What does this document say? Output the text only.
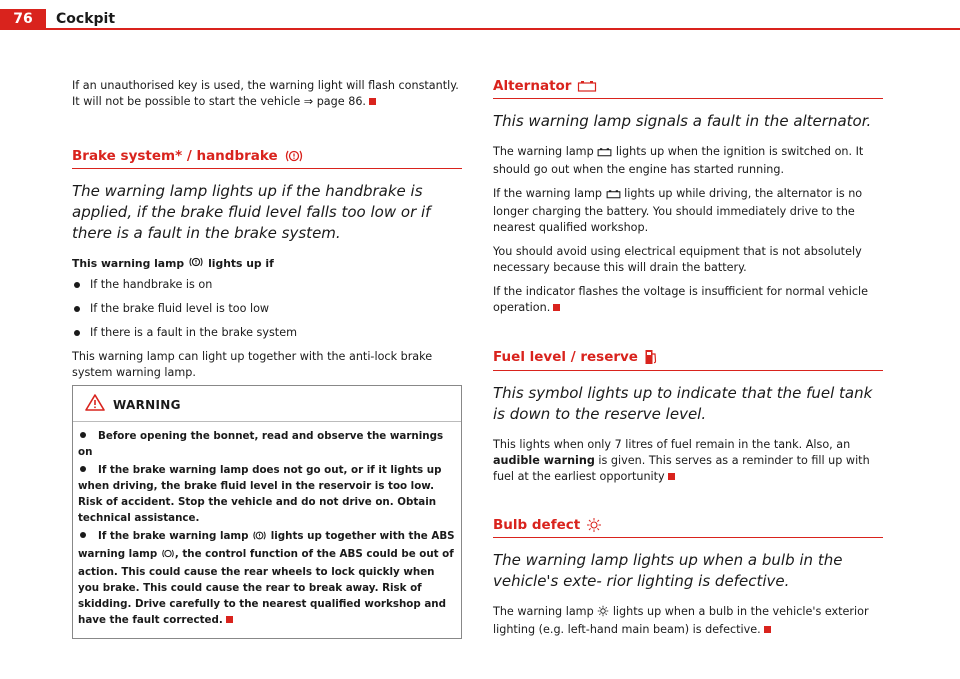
76	Cockpit

If an unauthorised key is used, the warning light will flash constantly. It will not be possible to start the vehicle ⇒ page 86.

Brake system* / handbrake
The warning lamp lights up if the handbrake is applied, if the brake fluid level falls too low or if there is a fault in the brake system.
This warning lamp lights up if
If the handbrake is on
If the brake fluid level is too low
If there is a fault in the brake system

This warning lamp can light up together with the anti-lock brake system warning lamp.

WARNING
Before opening the bonnet, read and observe the warnings on
If the brake warning lamp does not go out, or if it lights up when driving, the brake fluid level in the reservoir is too low. Risk of accident. Stop the vehicle and do not drive on. Obtain technical assistance.
If the brake warning lamp lights up together with the ABS warning lamp , the control function of the ABS could be out of action. This could cause the rear wheels to lock quickly when you brake. This could cause the rear to break away. Risk of skidding. Drive carefully to the nearest qualified workshop and have the fault corrected.
Alternator
This warning lamp signals a fault in the alternator.

The warning lamp lights up when the ignition is switched on. It should go out when the engine has started running.

If the warning lamp lights up while driving, the alternator is no longer charging the battery. You should immediately drive to the nearest qualified workshop.

You should avoid using electrical equipment that is not absolutely necessary because this will drain the battery.

If the indicator flashes the voltage is insufficient for normal vehicle operation.

Fuel level / reserve
This symbol lights up to indicate that the fuel tank is down to the reserve level.

This lights when only 7 litres of fuel remain in the tank. Also, an audible warning is given. This serves as a reminder to fill up with fuel at the earliest opportunity

Bulb defect
The warning lamp lights up when a bulb in the vehicle's exte- rior lighting is defective.

The warning lamp lights up when a bulb in the vehicle's exterior lighting (e.g. left-hand main beam) is defective.
